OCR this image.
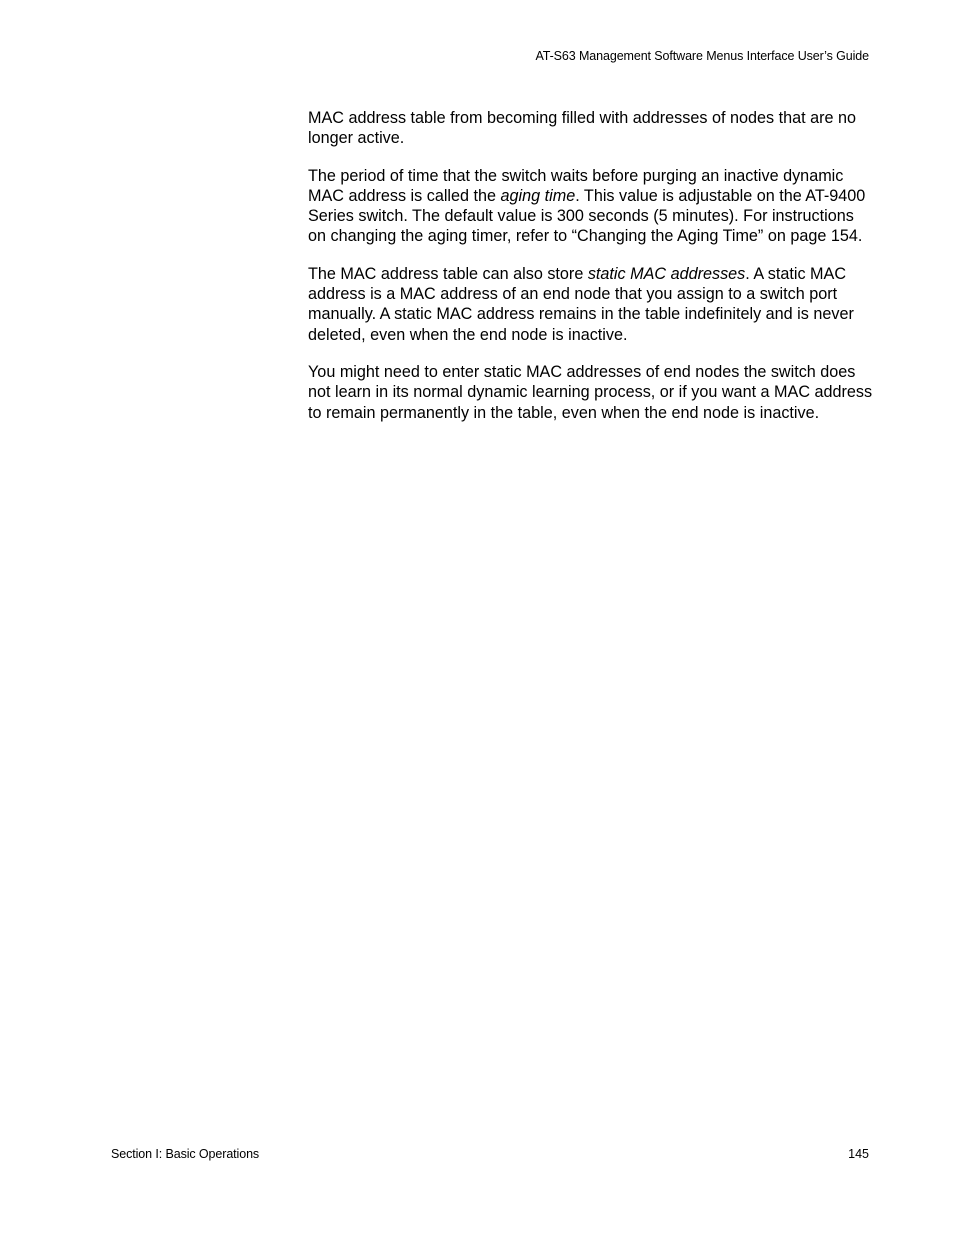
AT-S63 Management Software Menus Interface User’s Guide

MAC address table from becoming filled with addresses of nodes that are no longer active.

The period of time that the switch waits before purging an inactive dynamic MAC address is called the aging time. This value is adjustable on the AT-9400 Series switch. The default value is 300 seconds (5 minutes). For instructions on changing the aging timer, refer to “Changing the Aging Time” on page 154.

The MAC address table can also store static MAC addresses. A static MAC address is a MAC address of an end node that you assign to a switch port manually. A static MAC address remains in the table indefinitely and is never deleted, even when the end node is inactive.

You might need to enter static MAC addresses of end nodes the switch does not learn in its normal dynamic learning process, or if you want a MAC address to remain permanently in the table, even when the end node is inactive.

Section I: Basic Operations	145
